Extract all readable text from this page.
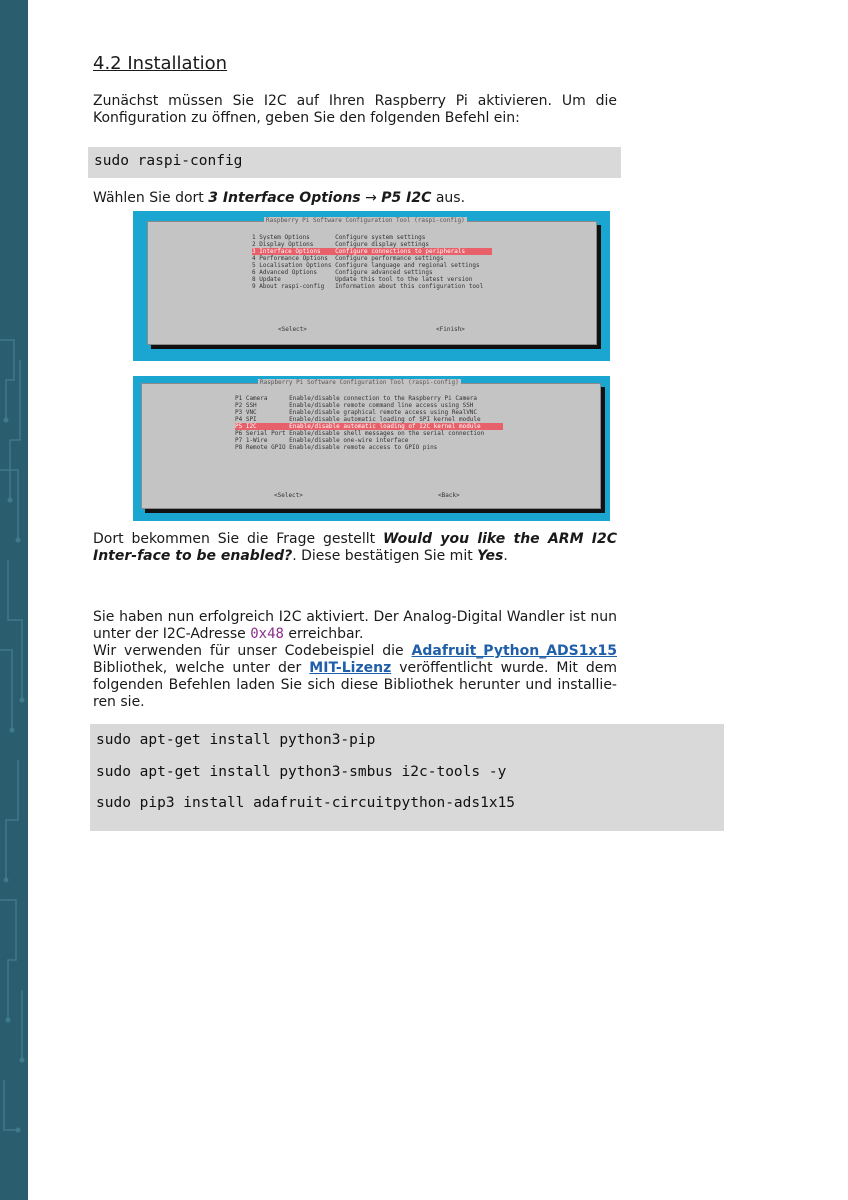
4.2 Installation
Zunächst müssen Sie I2C auf Ihren Raspberry Pi aktivieren. Um die Konfiguration zu öffnen, geben Sie den folgenden Befehl ein:
sudo raspi-config
Wählen Sie dort 3 Interface Options → P5 I2C aus.
Raspberry Pi Software Configuration Tool (raspi-config)
1 System Options       Configure system settings
2 Display Options      Configure display settings
3 Interface Options    Configure connections to peripherals
4 Performance Options  Configure performance settings
5 Localisation Options Configure language and regional settings
6 Advanced Options     Configure advanced settings
8 Update               Update this tool to the latest version
9 About raspi-config   Information about this configuration tool
<Select>	<Finish>
Raspberry Pi Software Configuration Tool (raspi-config)
P1 Camera      Enable/disable connection to the Raspberry Pi Camera
P2 SSH         Enable/disable remote command line access using SSH
P3 VNC         Enable/disable graphical remote access using RealVNC
P4 SPI         Enable/disable automatic loading of SPI kernel module
P5 I2C         Enable/disable automatic loading of I2C kernel module
P6 Serial Port Enable/disable shell messages on the serial connection
P7 1-Wire      Enable/disable one-wire interface
P8 Remote GPIO Enable/disable remote access to GPIO pins
<Select>	<Back>
Dort bekommen Sie die Frage gestellt Would you like the ARM I2C Inter-face to be enabled?. Diese bestätigen Sie mit Yes.
Sie haben nun erfolgreich I2C aktiviert. Der Analog-Digital Wandler ist nun unter der I2C-Adresse 0x48 erreichbar.
Wir verwenden für unser Codebeispiel die Adafruit_Python_ADS1x15 Bibliothek, welche unter der MIT-Lizenz veröffentlicht wurde. Mit dem folgenden Befehlen laden Sie sich diese Bibliothek herunter und installie-ren sie.
sudo apt-get install python3-pip
sudo apt-get install python3-smbus i2c-tools -y
sudo pip3 install adafruit-circuitpython-ads1x15
